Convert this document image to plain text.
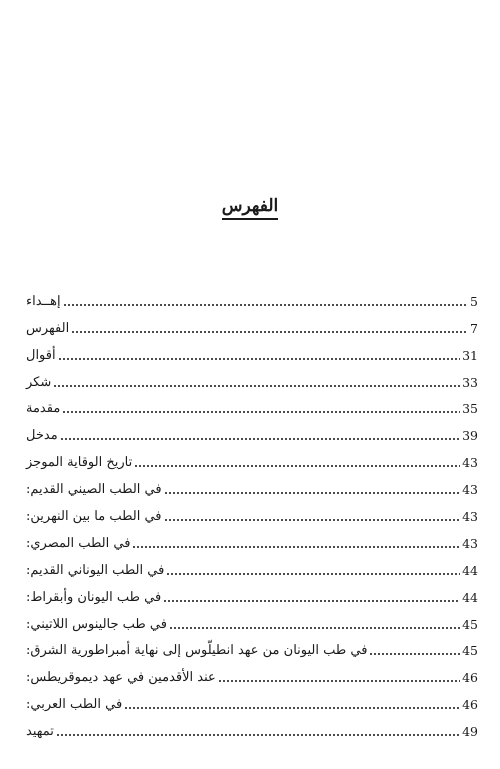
الفهرس
إهــداء	5
الفهرس	7
أقوال	31
شكر	33
مقدمة	35
مدخل	39
تاريخ الوقاية الموجز	43
في الطب الصيني القديم:	43
في الطب ما بين النهرين:	43
في الطب المصري:	43
في الطب اليوناني القديم:	44
في طب اليونان وأبقراط:	44
في طب جالينوس اللاتيني:	45
في طب اليونان من عهد انطيلّوس إلى نهاية أمبراطورية الشرق:	45
عند الأقدمين في عهد ديموقريطس:	46
في الطب العربي:	46
تمهيد	49
